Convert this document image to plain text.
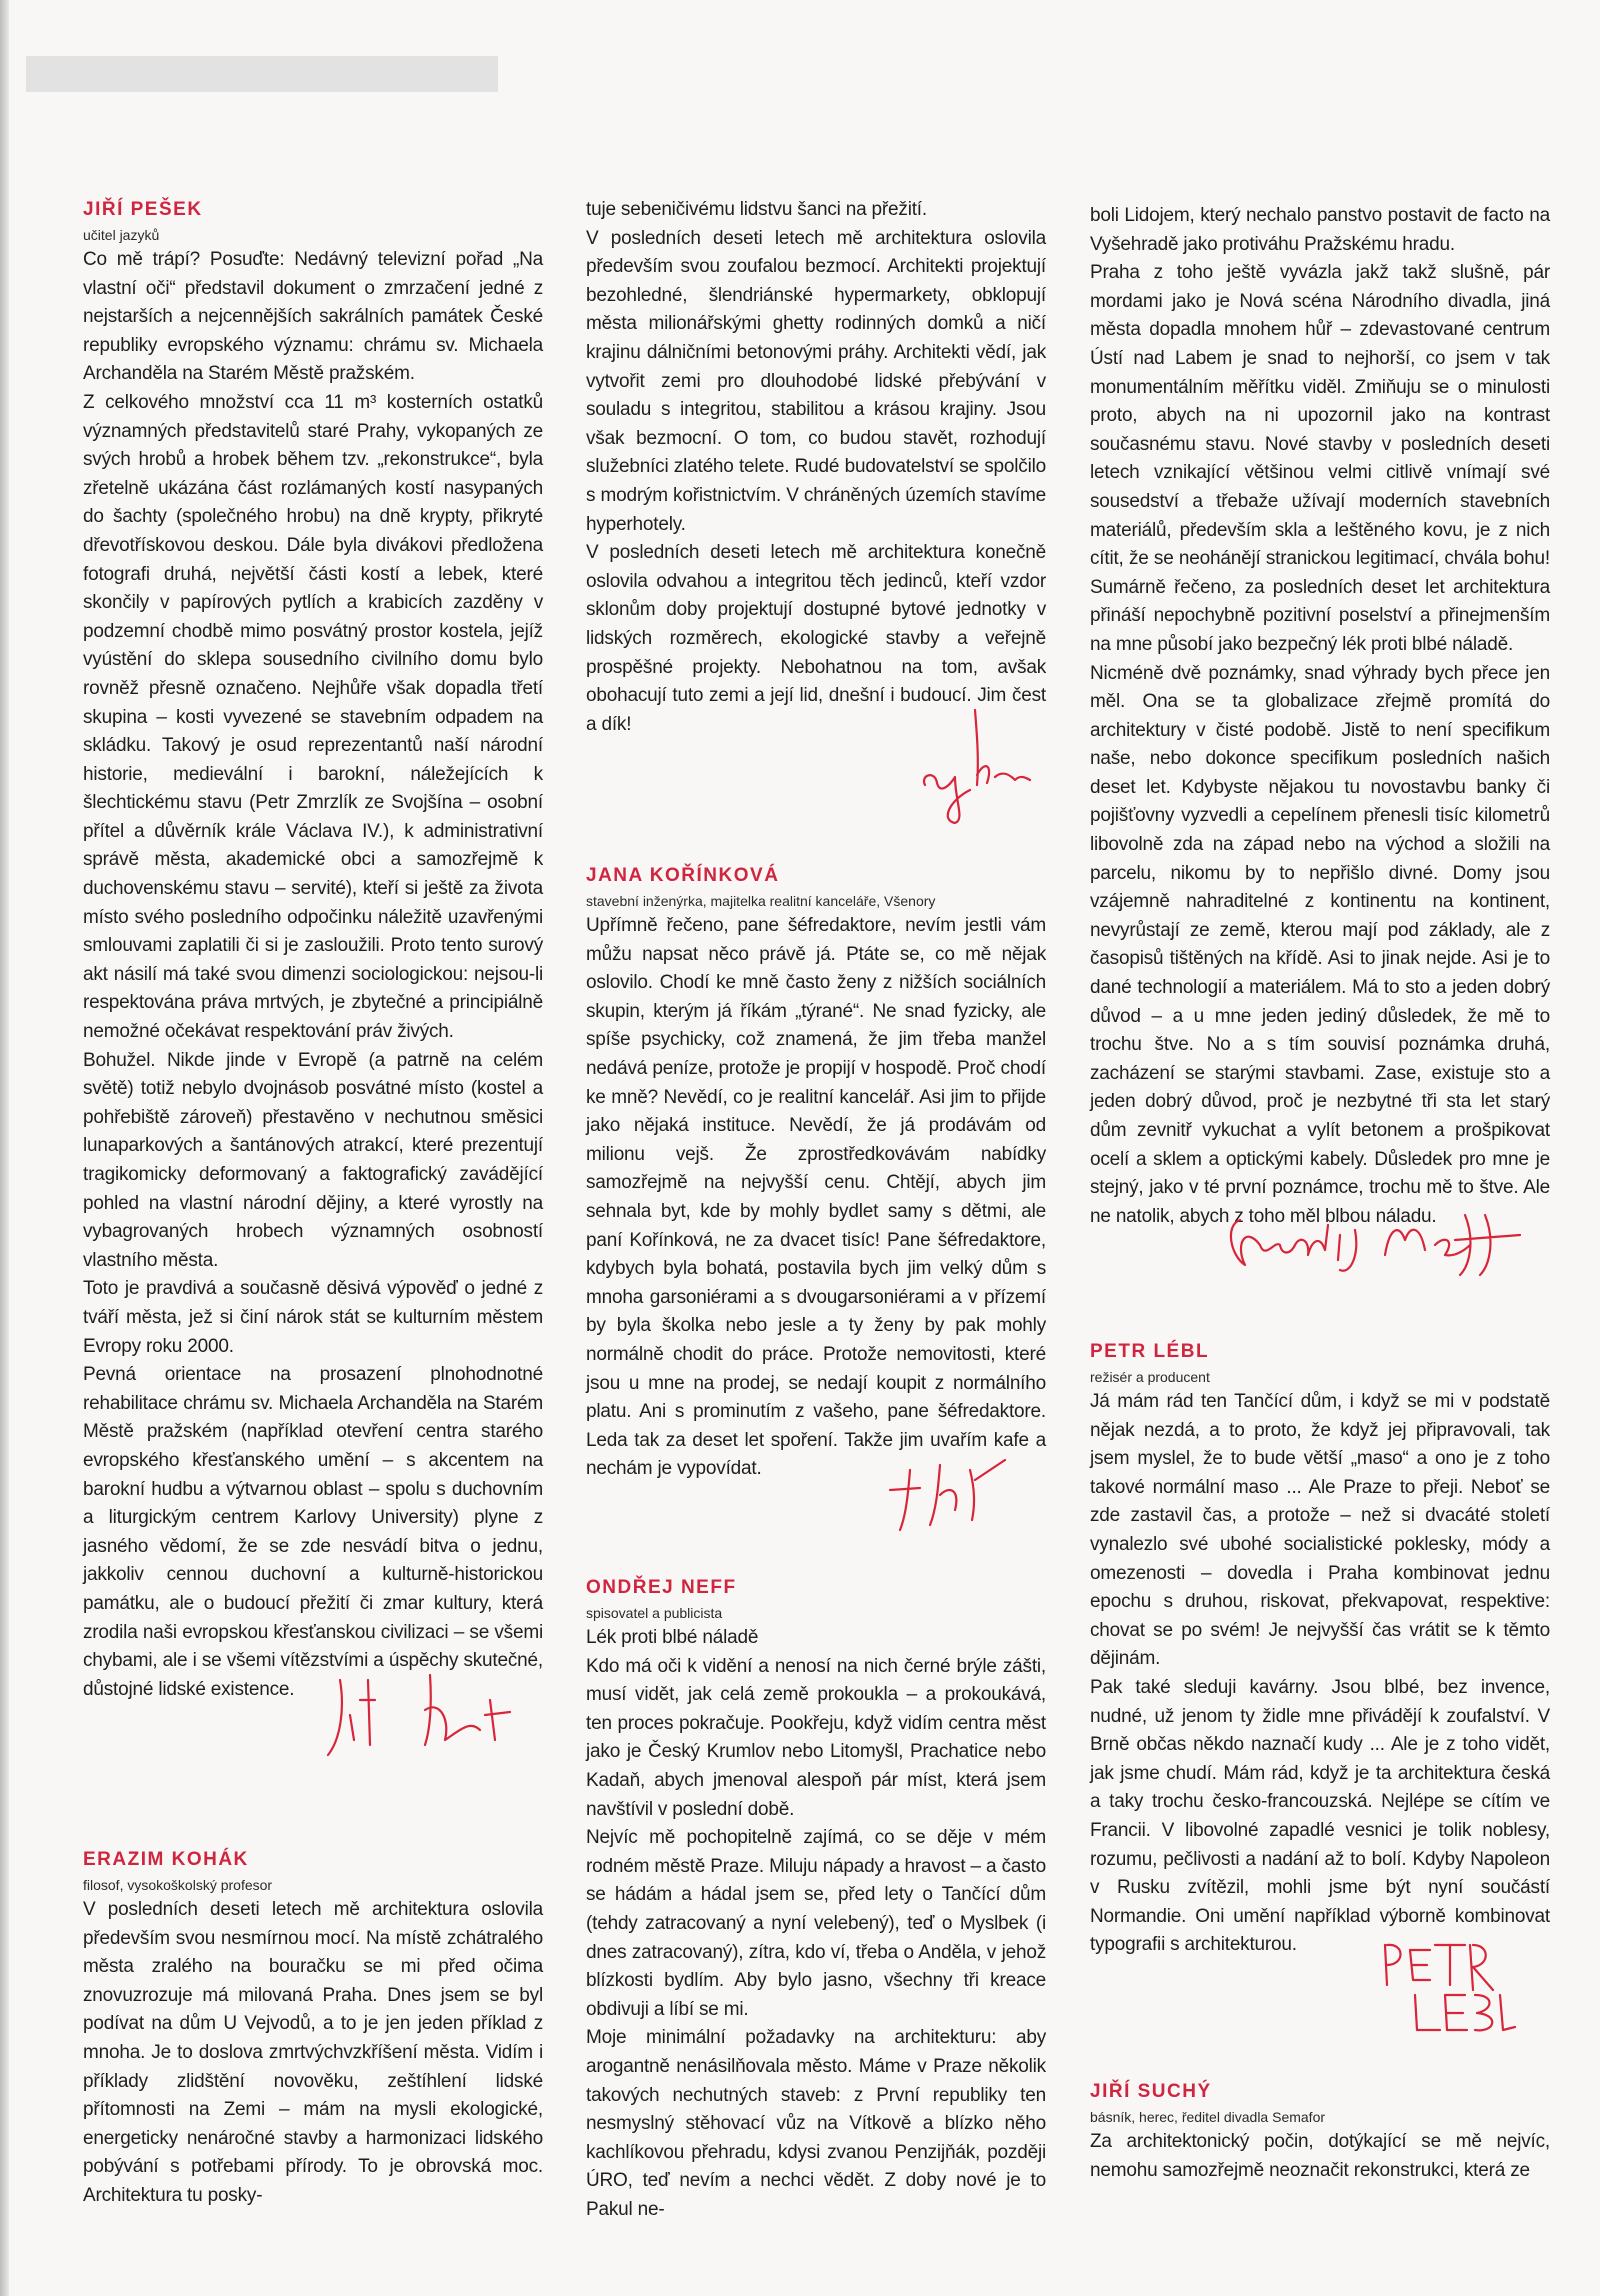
JIŘÍ PEŠEK
učitel jazyků

Co mě trápí? Posuďte: Nedávný televizní pořad „Na vlastní oči“ představil dokument o zmrzačení jedné z nejstarších a nejcennějších sakrálních památek České republiky evropského významu: chrámu sv. Michaela Archanděla na Starém Městě pražském.

Z celkového množství cca 11 m³ kosterních ostatků významných představitelů staré Prahy, vykopaných ze svých hrobů a hrobek během tzv. „rekonstrukce“, byla zřetelně ukázána část rozlámaných kostí nasypaných do šachty (společného hrobu) na dně krypty, přikryté dřevotřískovou deskou. Dále byla divákovi předložena fotografi druhá, největší části kostí a lebek, které skončily v papírových pytlích a krabicích zazděny v podzemní chodbě mimo posvátný prostor kostela, jejíž vyústění do sklepa sousedního civilního domu bylo rovněž přesně označeno. Nejhůře však dopadla třetí skupina – kosti vyvezené se stavebním odpadem na skládku. Takový je osud reprezentantů naší národní historie, medievální i barokní, náležejících k šlechtickému stavu (Petr Zmrzlík ze Svojšína – osobní přítel a důvěrník krále Václava IV.), k administrativní správě města, akademické obci a samozřejmě k duchovenskému stavu – servité), kteří si ještě za života místo svého posledního odpočinku náležitě uzavřenými smlouvami zaplatili či si je zasloužili. Proto tento surový akt násilí má také svou dimenzi sociologickou: nejsou-li respektována práva mrtvých, je zbytečné a principiálně nemožné očekávat respektování práv živých.

Bohužel. Nikde jinde v Evropě (a patrně na celém světě) totiž nebylo dvojnásob posvátné místo (kostel a pohřebiště zároveň) přestavěno v nechutnou směsici lunaparkových a šantánových atrakcí, které prezentují tragikomicky deformovaný a faktografický zavádějící pohled na vlastní národní dějiny, a které vyrostly na vybagrovaných hrobech významných osobností vlastního města.

Toto je pravdivá a současně děsivá výpověď o jedné z tváří města, jež si činí nárok stát se kulturním městem Evropy roku 2000.

Pevná orientace na prosazení plnohodnotné rehabilitace chrámu sv. Michaela Archanděla na Starém Městě pražském (například otevření centra starého evropského křesťanského umění – s akcentem na barokní hudbu a výtvarnou oblast – spolu s duchovním a liturgickým centrem Karlovy University) plyne z jasného vědomí, že se zde nesvádí bitva o jednu, jakkoliv cennou duchovní a kulturně-historickou památku, ale o budoucí přežití či zmar kultury, která zrodila naši evropskou křesťanskou civilizaci – se všemi chybami, ale i se všemi vítězstvími a úspěchy skutečné, důstojné lidské existence.

ERAZIM KOHÁK
filosof, vysokoškolský profesor

V posledních deseti letech mě architektura oslovila především svou nesmírnou mocí. Na místě zchátralého města zralého na bouračku se mi před očima znovuzrozuje má milovaná Praha. Dnes jsem se byl podívat na dům U Vejvodů, a to je jen jeden příklad z mnoha. Je to doslova zmrtvýchvzkříšení města. Vidím i příklady zlidštění novověku, zeštíhlení lidské přítomnosti na Zemi – mám na mysli ekologické, energeticky nenáročné stavby a harmonizaci lidského pobývání s potřebami přírody. To je obrovská moc. Architektura tu posky-

tuje sebeničivému lidstvu šanci na přežití.

V posledních deseti letech mě architektura oslovila především svou zoufalou bezmocí. Architekti projektují bezohledné, šlendriánské hypermarkety, obklopují města milionářskými ghetty rodinných domků a ničí krajinu dálničními betonovými práhy. Architekti vědí, jak vytvořit zemi pro dlouhodobé lidské přebývání v souladu s integritou, stabilitou a krásou krajiny. Jsou však bezmocní. O tom, co budou stavět, rozhodují služebníci zlatého telete. Rudé budovatelství se spolčilo s modrým kořistnictvím. V chráněných územích stavíme hyperhotely.

V posledních deseti letech mě architektura konečně oslovila odvahou a integritou těch jedinců, kteří vzdor sklonům doby projektují dostupné bytové jednotky v lidských rozměrech, ekologické stavby a veřejně prospěšné projekty. Nebohatnou na tom, avšak obohacují tuto zemi a její lid, dnešní i budoucí. Jim čest a dík!

JANA KOŘÍNKOVÁ
stavební inženýrka, majitelka realitní kanceláře, Všenory

Upřímně řečeno, pane šéfredaktore, nevím jestli vám můžu napsat něco právě já. Ptáte se, co mě nějak oslovilo. Chodí ke mně často ženy z nižších sociálních skupin, kterým já říkám „týrané“. Ne snad fyzicky, ale spíše psychicky, což znamená, že jim třeba manžel nedává peníze, protože je propijí v hospodě. Proč chodí ke mně? Nevědí, co je realitní kancelář. Asi jim to přijde jako nějaká instituce. Nevědí, že já prodávám od milionu vejš. Že zprostředkovávám nabídky samozřejmě na nejvyšší cenu. Chtějí, abych jim sehnala byt, kde by mohly bydlet samy s dětmi, ale paní Kořínková, ne za dvacet tisíc! Pane šéfredaktore, kdybych byla bohatá, postavila bych jim velký dům s mnoha garsoniérami a s dvougarsoniérami a v přízemí by byla školka nebo jesle a ty ženy by pak mohly normálně chodit do práce. Protože nemovitosti, které jsou u mne na prodej, se nedají koupit z normálního platu. Ani s prominutím z vašeho, pane šéfredaktore. Leda tak za deset let spoření. Takže jim uvařím kafe a nechám je vypovídat.

ONDŘEJ NEFF
spisovatel a publicista

Lék proti blbé náladě

Kdo má oči k vidění a nenosí na nich černé brýle zášti, musí vidět, jak celá země prokoukla – a prokoukává, ten proces pokračuje. Pookřeju, když vidím centra měst jako je Český Krumlov nebo Litomyšl, Prachatice nebo Kadaň, abych jmenoval alespoň pár míst, která jsem navštívil v poslední době.

Nejvíc mě pochopitelně zajímá, co se děje v mém rodném městě Praze. Miluju nápady a hravost – a často se hádám a hádal jsem se, před lety o Tančící dům (tehdy zatracovaný a nyní velebený), teď o Myslbek (i dnes zatracovaný), zítra, kdo ví, třeba o Anděla, v jehož blízkosti bydlím. Aby bylo jasno, všechny tři kreace obdivuji a líbí se mi.

Moje minimální požadavky na architekturu: aby arogantně nenásilňovala město. Máme v Praze několik takových nechutných staveb: z První republiky ten nesmyslný stěhovací vůz na Vítkově a blízko něho kachlíkovou přehradu, kdysi zvanou Penzijňák, později ÚRO, teď nevím a nechci vědět. Z doby nové je to Pakul ne-

boli Lidojem, který nechalo panstvo postavit de facto na Vyšehradě jako protiváhu Pražskému hradu.

Praha z toho ještě vyvázla jakž takž slušně, pár mordami jako je Nová scéna Národního divadla, jiná města dopadla mnohem hůř – zdevastované centrum Ústí nad Labem je snad to nejhorší, co jsem v tak monumentálním měřítku viděl. Zmiňuju se o minulosti proto, abych na ni upozornil jako na kontrast současnému stavu. Nové stavby v posledních deseti letech vznikající většinou velmi citlivě vnímají své sousedství a třebaže užívají moderních stavebních materiálů, především skla a leštěného kovu, je z nich cítit, že se neohánějí stranickou legitimací, chvála bohu! Sumárně řečeno, za posledních deset let architektura přináší nepochybně pozitivní poselství a přinejmenším na mne působí jako bezpečný lék proti blbé náladě.

Nicméně dvě poznámky, snad výhrady bych přece jen měl. Ona se ta globalizace zřejmě promítá do architektury v čisté podobě. Jistě to není specifikum naše, nebo dokonce specifikum posledních našich deset let. Kdybyste nějakou tu novostavbu banky či pojišťovny vyzvedli a cepelínem přenesli tisíc kilometrů libovolně zda na západ nebo na východ a složili na parcelu, nikomu by to nepřišlo divné. Domy jsou vzájemně nahraditelné z kontinentu na kontinent, nevyrůstají ze země, kterou mají pod základy, ale z časopisů tištěných na křídě. Asi to jinak nejde. Asi je to dané technologií a materiálem. Má to sto a jeden dobrý důvod – a u mne jeden jediný důsledek, že mě to trochu štve. No a s tím souvisí poznámka druhá, zacházení se starými stavbami. Zase, existuje sto a jeden dobrý důvod, proč je nezbytné tři sta let starý dům zevnitř vykuchat a vylít betonem a prošpikovat ocelí a sklem a optickými kabely. Důsledek pro mne je stejný, jako v té první poznámce, trochu mě to štve. Ale ne natolik, abych z toho měl blbou náladu.

PETR LÉBL
režisér a producent

Já mám rád ten Tančící dům, i když se mi v podstatě nějak nezdá, a to proto, že když jej připravovali, tak jsem myslel, že to bude větší „maso“ a ono je z toho takové normální maso ... Ale Praze to přeji. Neboť se zde zastavil čas, a protože – než si dvacáté století vynalezlo své ubohé socialistické poklesky, módy a omezenosti – dovedla i Praha kombinovat jednu epochu s druhou, riskovat, překvapovat, respektive: chovat se po svém! Je nejvyšší čas vrátit se k těmto dějinám.

Pak také sleduji kavárny. Jsou blbé, bez invence, nudné, už jenom ty židle mne přivádějí k zoufalství. V Brně občas někdo naznačí kudy ... Ale je z toho vidět, jak jsme chudí. Mám rád, když je ta architektura česká a taky trochu česko-francouzská. Nejlépe se cítím ve Francii. V libovolné zapadlé vesnici je tolik noblesy, rozumu, pečlivosti a nadání až to bolí. Kdyby Napoleon v Rusku zvítězil, mohli jsme být nyní součástí Normandie. Oni umění například výborně kombinovat typografii s architekturou.

JIŘÍ SUCHÝ
básník, herec, ředitel divadla Semafor

Za architektonický počin, dotýkající se mě nejvíc, nemohu samozřejmě neoznačit rekonstrukci, která ze
